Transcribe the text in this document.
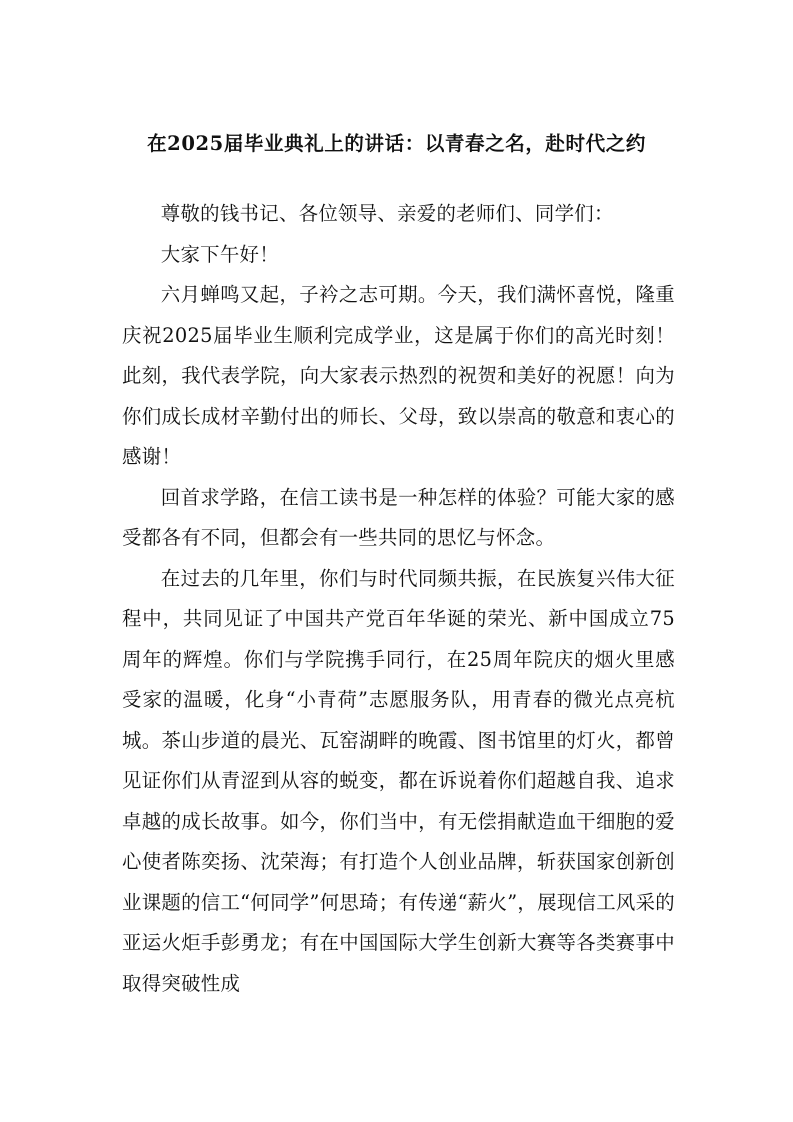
在2025届毕业典礼上的讲话：以青春之名，赴时代之约

尊敬的钱书记、各位领导、亲爱的老师们、同学们：

大家下午好！

六月蝉鸣又起，子衿之志可期。今天，我们满怀喜悦，隆重庆祝2025届毕业生顺利完成学业，这是属于你们的高光时刻！此刻，我代表学院，向大家表示热烈的祝贺和美好的祝愿！向为你们成长成材辛勤付出的师长、父母，致以崇高的敬意和衷心的感谢！

回首求学路，在信工读书是一种怎样的体验？可能大家的感受都各有不同，但都会有一些共同的思忆与怀念。

在过去的几年里，你们与时代同频共振，在民族复兴伟大征程中，共同见证了中国共产党百年华诞的荣光、新中国成立75周年的辉煌。你们与学院携手同行，在25周年院庆的烟火里感受家的温暖，化身“小青荷”志愿服务队，用青春的微光点亮杭城。茶山步道的晨光、瓦窑湖畔的晚霞、图书馆里的灯火，都曾见证你们从青涩到从容的蜕变，都在诉说着你们超越自我、追求卓越的成长故事。如今，你们当中，有无偿捐献造血干细胞的爱心使者陈奕扬、沈荣海；有打造个人创业品牌，斩获国家创新创业课题的信工“何同学”何思琦；有传递“薪火”，展现信工风采的亚运火炬手彭勇龙；有在中国国际大学生创新大赛等各类赛事中取得突破性成
